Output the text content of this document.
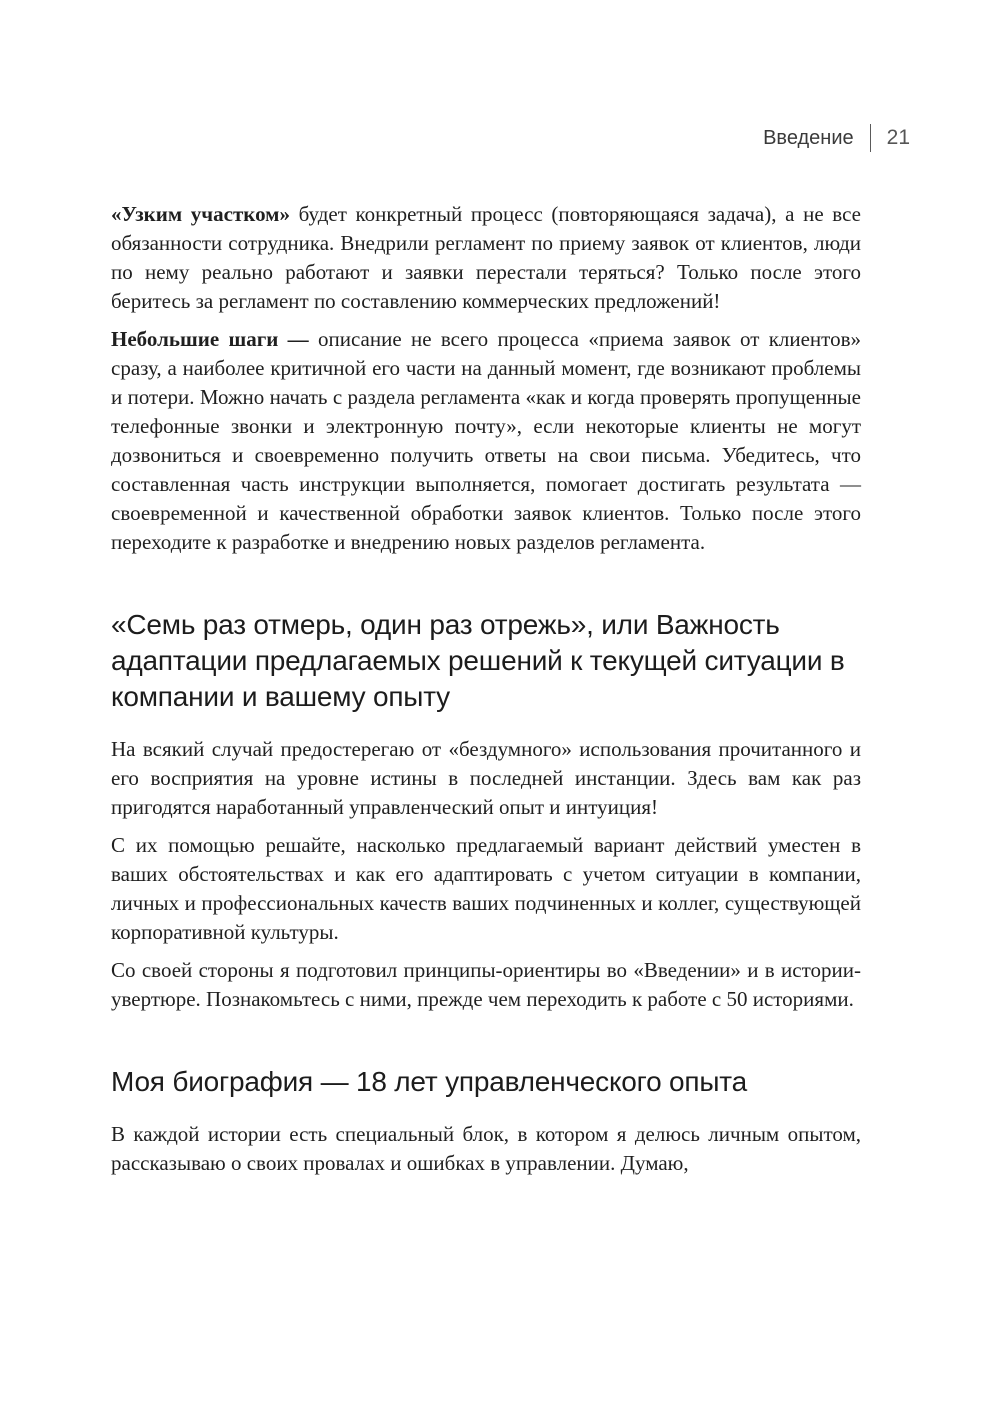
Введение	21

«Узким участком» будет конкретный процесс (повторяющаяся задача), а не все обязанности сотрудника. Внедрили регламент по приему заявок от клиентов, люди по нему реально работают и заявки перестали теряться? Только после этого беритесь за регламент по составлению коммерческих предложений!

Небольшие шаги — описание не всего процесса «приема заявок от клиентов» сразу, а наиболее критичной его части на данный момент, где возникают проблемы и потери. Можно начать с раздела регламента «как и когда проверять пропущенные телефонные звонки и электронную почту», если некоторые клиенты не могут дозвониться и своевременно получить ответы на свои письма. Убедитесь, что составленная часть инструкции выполняется, помогает достигать результата — своевременной и качественной обработки заявок клиентов. Только после этого переходите к разработке и внедрению новых разделов регламента.

«Семь раз отмерь, один раз отрежь», или Важность адаптации предлагаемых решений к текущей ситуации в компании и вашему опыту

На всякий случай предостерегаю от «бездумного» использования прочитанного и его восприятия на уровне истины в последней инстанции. Здесь вам как раз пригодятся наработанный управленческий опыт и интуиция!

С их помощью решайте, насколько предлагаемый вариант действий уместен в ваших обстоятельствах и как его адаптировать с учетом ситуации в компании, личных и профессиональных качеств ваших подчиненных и коллег, существующей корпоративной культуры.

Со своей стороны я подготовил принципы-ориентиры во «Введении» и в истории-увертюре. Познакомьтесь с ними, прежде чем переходить к работе с 50 историями.

Моя биография — 18 лет управленческого опыта

В каждой истории есть специальный блок, в котором я делюсь личным опытом, рассказываю о своих провалах и ошибках в управлении. Думаю,
